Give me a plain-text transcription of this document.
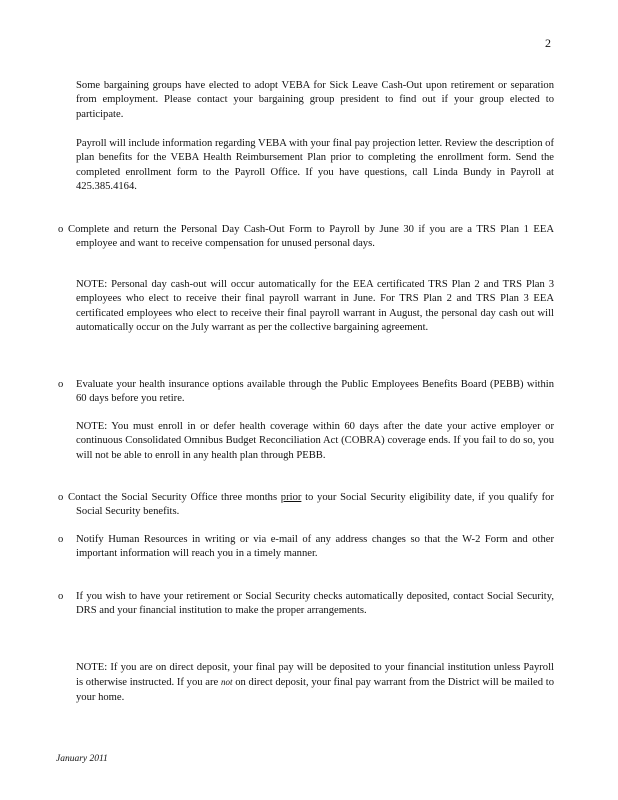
2

Some bargaining groups have elected to adopt VEBA for Sick Leave Cash-Out upon retirement or separation from employment. Please contact your bargaining group president to find out if your group elected to participate.

Payroll will include information regarding VEBA with your final pay projection letter. Review the description of plan benefits for the VEBA Health Reimbursement Plan prior to completing the enrollment form. Send the completed enrollment form to the Payroll Office. If you have questions, call Linda Bundy in Payroll at 425.385.4164.

o Complete and return the Personal Day Cash-Out Form to Payroll by June 30 if you are a TRS Plan 1 EEA employee and want to receive compensation for unused personal days.

NOTE: Personal day cash-out will occur automatically for the EEA certificated TRS Plan 2 and TRS Plan 3 employees who elect to receive their final payroll warrant in June. For TRS Plan 2 and TRS Plan 3 EEA certificated employees who elect to receive their final payroll warrant in August, the personal day cash out will automatically occur on the July warrant as per the collective bargaining agreement.

o Evaluate your health insurance options available through the Public Employees Benefits Board (PEBB) within 60 days before you retire.

NOTE: You must enroll in or defer health coverage within 60 days after the date your active employer or continuous Consolidated Omnibus Budget Reconciliation Act (COBRA) coverage ends. If you fail to do so, you will not be able to enroll in any health plan through PEBB.

o Contact the Social Security Office three months prior to your Social Security eligibility date, if you qualify for Social Security benefits.

o Notify Human Resources in writing or via e-mail of any address changes so that the W-2 Form and other important information will reach you in a timely manner.

o If you wish to have your retirement or Social Security checks automatically deposited, contact Social Security, DRS and your financial institution to make the proper arrangements.

NOTE: If you are on direct deposit, your final pay will be deposited to your financial institution unless Payroll is otherwise instructed. If you are not on direct deposit, your final pay warrant from the District will be mailed to your home.

January 2011
